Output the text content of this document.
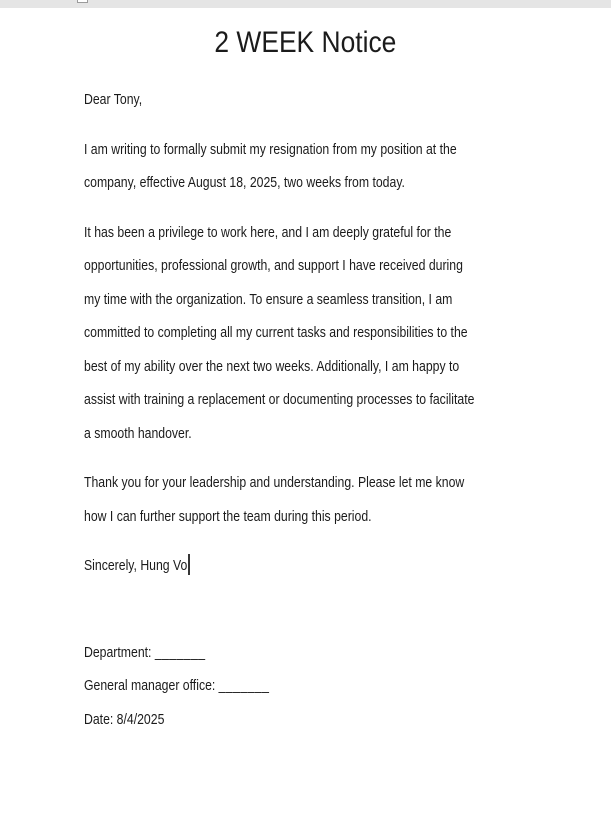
2 WEEK Notice
Dear Tony,
I am writing to formally submit my resignation from my position at the
company, effective August 18, 2025, two weeks from today.
It has been a privilege to work here, and I am deeply grateful for the
opportunities, professional growth, and support I have received during
my time with the organization. To ensure a seamless transition, I am
committed to completing all my current tasks and responsibilities to the
best of my ability over the next two weeks. Additionally, I am happy to
assist with training a replacement or documenting processes to facilitate
a smooth handover.
Thank you for your leadership and understanding. Please let me know
how I can further support the team during this period.
Sincerely, Hung Vo
Department: _______
General manager office: _______
Date: 8/4/2025
